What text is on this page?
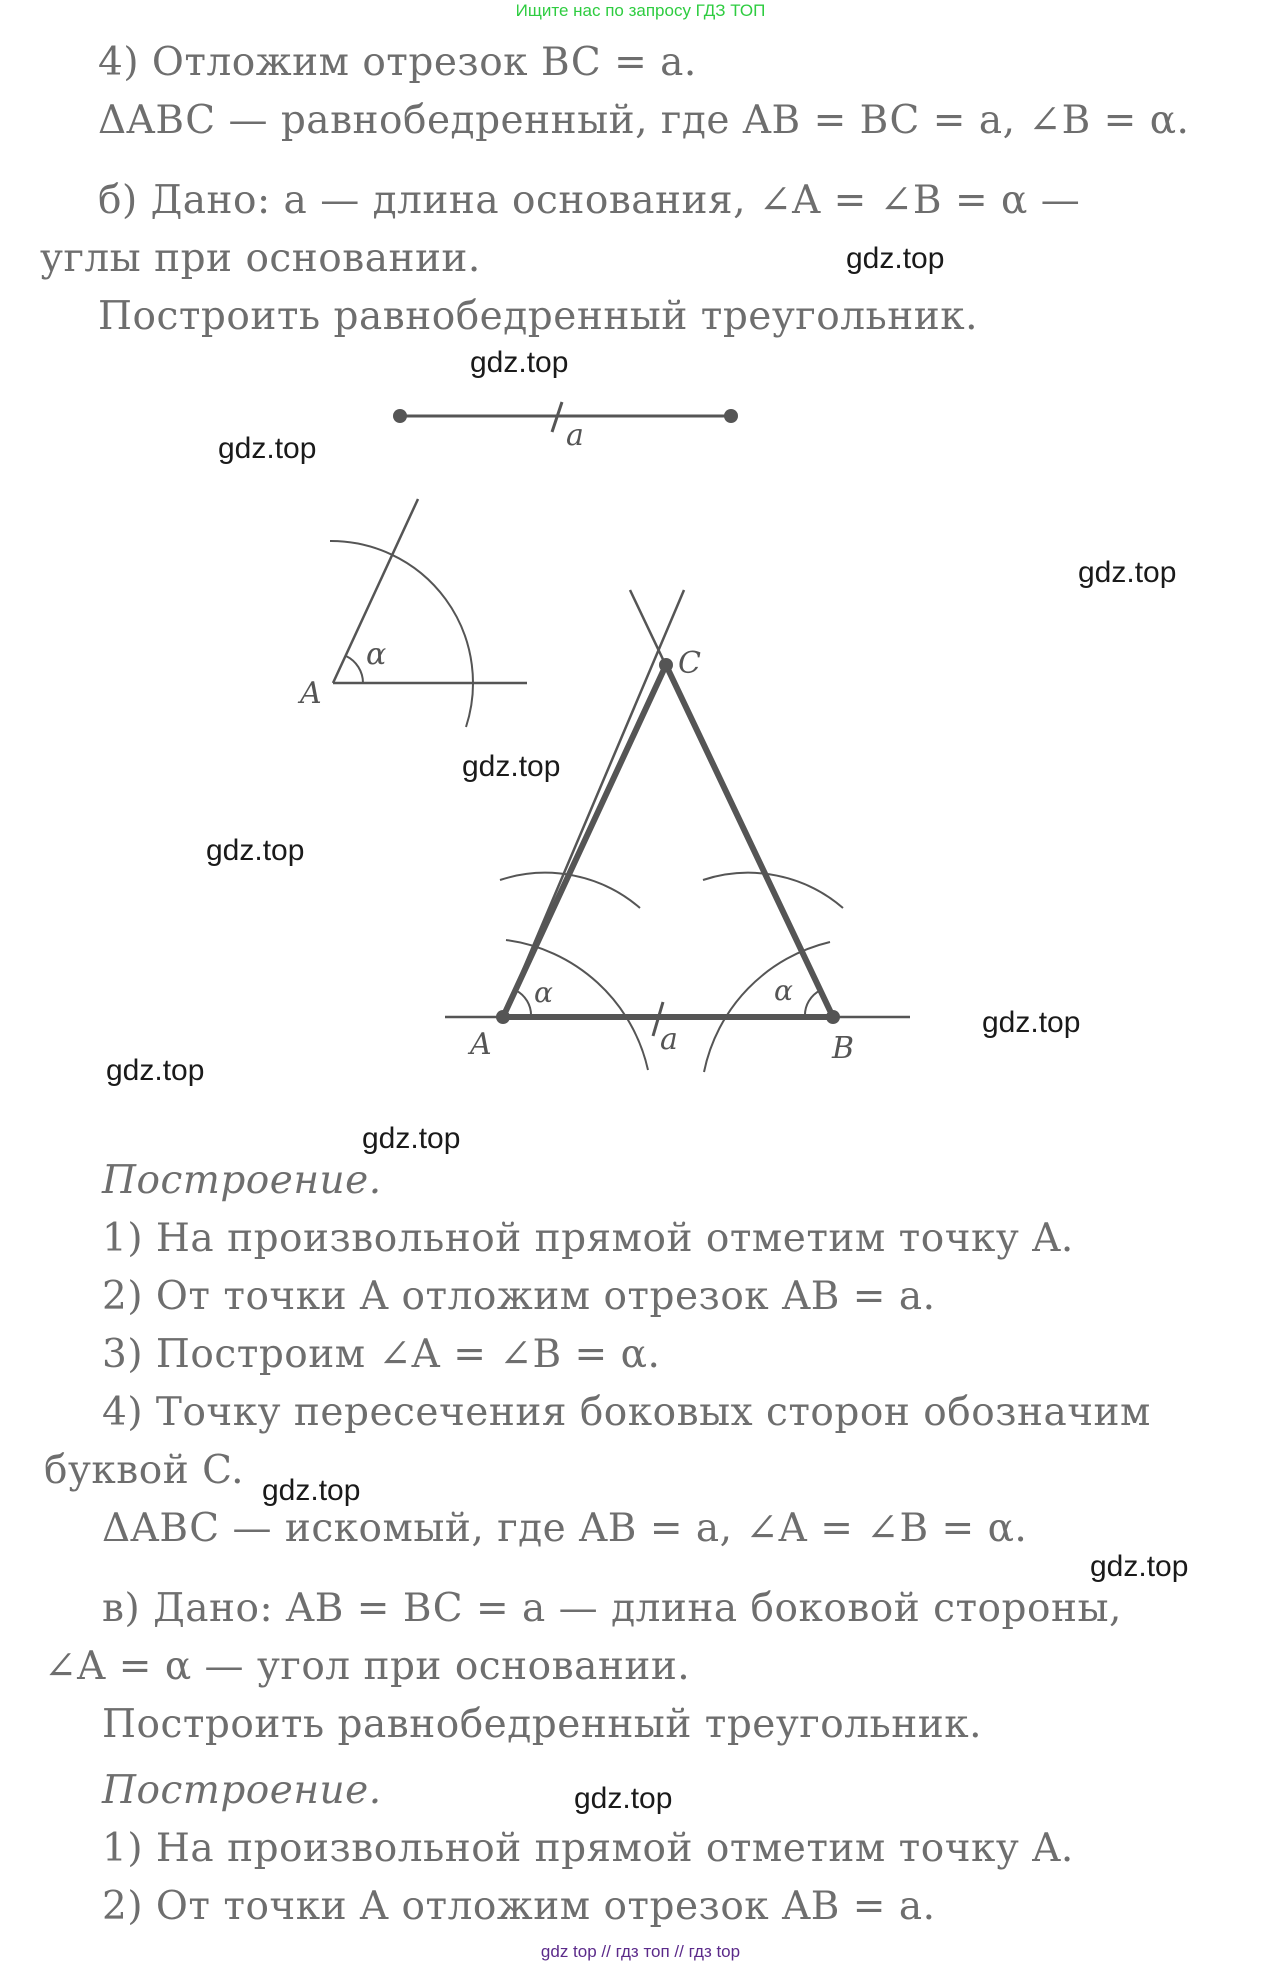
Ищите нас по запросу ГДЗ ТОП
4) Отложим отрезок BC = a.
ΔABC — равнобедренный, где AB = BC = a, ∠B = α.
б) Дано: a — длина основания, ∠A = ∠B = α —
углы при основании.
Построить равнобедренный треугольник.
a
A
α
A	B
C
a
α	α
Построение.
1) На произвольной прямой отметим точку A.
2) От точки A отложим отрезок AB = a.
3) Построим ∠A = ∠B = α.
4) Точку пересечения боковых сторон обозначим
буквой C.
ΔABC — искомый, где AB = a, ∠A = ∠B = α.
в) Дано: AB = BC = a — длина боковой стороны,
∠A = α — угол при основании.
Построить равнобедренный треугольник.
Построение.
1) На произвольной прямой отметим точку A.
2) От точки A отложим отрезок AB = a.
gdz.top
gdz.top
gdz.top
gdz.top
gdz.top
gdz.top
gdz.top
gdz.top
gdz.top
gdz.top
gdz.top
gdz.top
gdz top // гдз топ // гдз top
